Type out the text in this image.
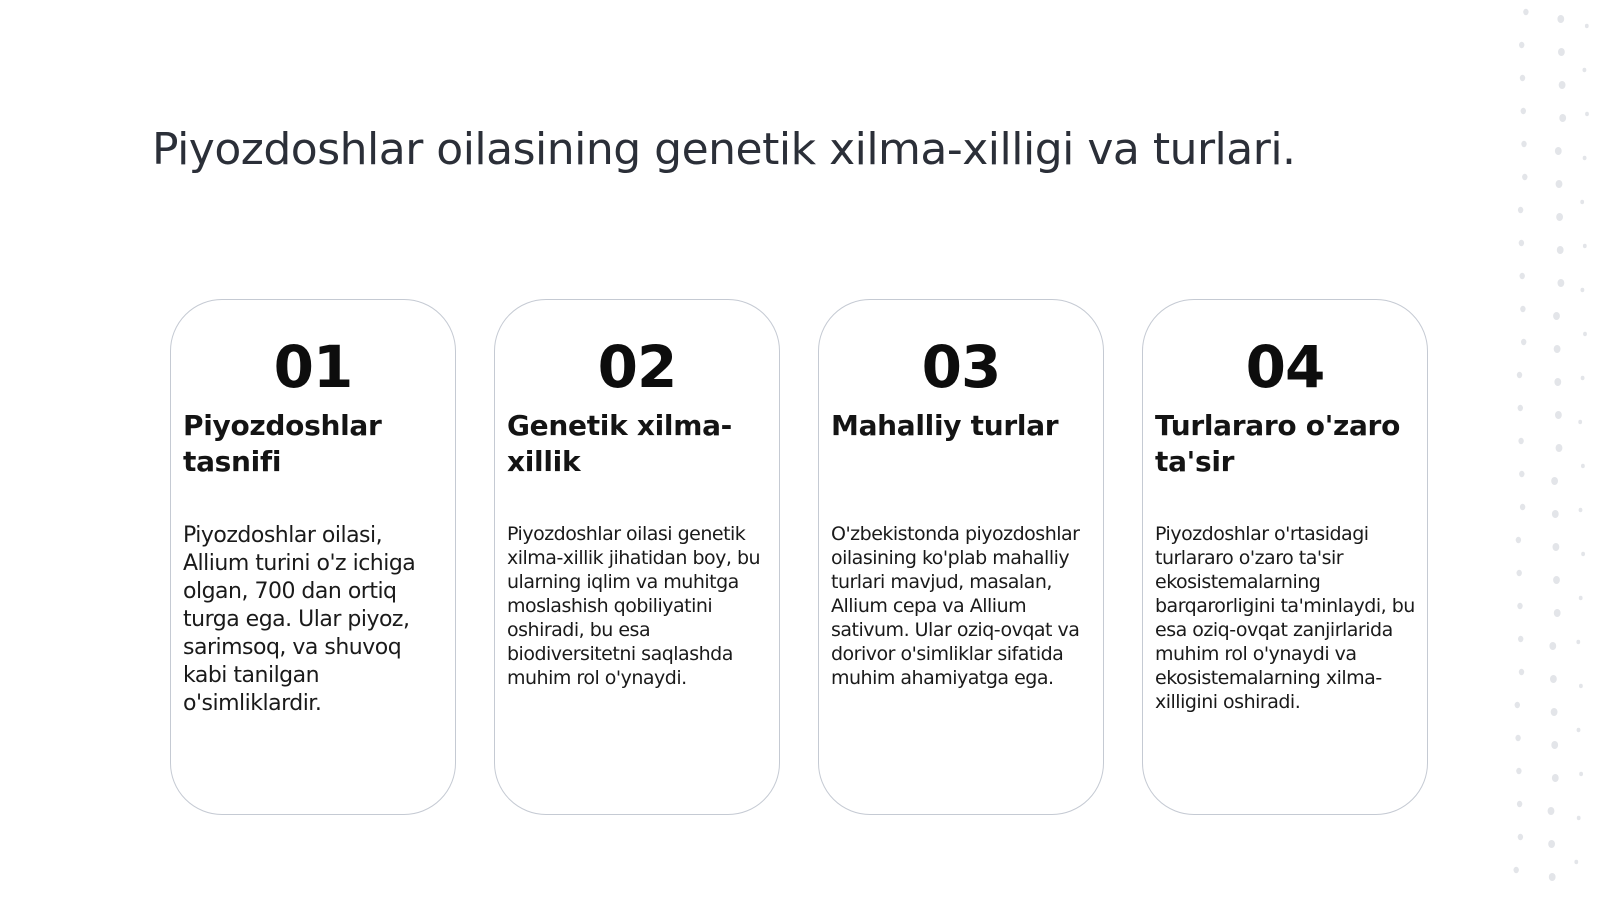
Piyozdoshlar oilasining genetik xilma-xilligi va turlari.
01
Piyozdoshlar tasnifi

Piyozdoshlar oilasi, Allium turini o'z ichiga olgan, 700 dan ortiq turga ega. Ular piyoz, sarimsoq, va shuvoq kabi tanilgan o'simliklardir.

02
Genetik xilma-xillik

Piyozdoshlar oilasi genetik xilma-xillik jihatidan boy, bu ularning iqlim va muhitga moslashish qobiliyatini oshiradi, bu esa biodiversitetni saqlashda muhim rol o'ynaydi.

03
Mahalliy turlar

O'zbekistonda piyozdoshlar oilasining ko'plab mahalliy turlari mavjud, masalan, Allium cepa va Allium sativum. Ular oziq-ovqat va dorivor o'simliklar sifatida muhim ahamiyatga ega.

04
Turlararo o'zaro ta'sir

Piyozdoshlar o'rtasidagi turlararo o'zaro ta'sir ekosistemalarning barqarorligini ta'minlaydi, bu esa oziq-ovqat zanjirlarida muhim rol o'ynaydi va ekosistemalarning xilma-xilligini oshiradi.
